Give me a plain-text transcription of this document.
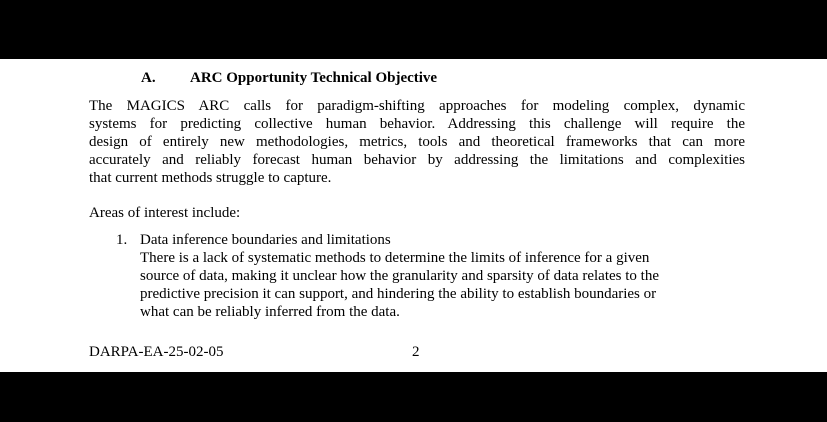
A. ARC Opportunity Technical Objective
The MAGICS ARC calls for paradigm-shifting approaches for modeling complex, dynamic
systems for predicting collective human behavior. Addressing this challenge will require the
design of entirely new methodologies, metrics, tools and theoretical frameworks that can more
accurately and reliably forecast human behavior by addressing the limitations and complexities
that current methods struggle to capture.
Areas of interest include:
1. Data inference boundaries and limitations
There is a lack of systematic methods to determine the limits of inference for a given
source of data, making it unclear how the granularity and sparsity of data relates to the
predictive precision it can support, and hindering the ability to establish boundaries or
what can be reliably inferred from the data.
DARPA-EA-25-02-05	2
